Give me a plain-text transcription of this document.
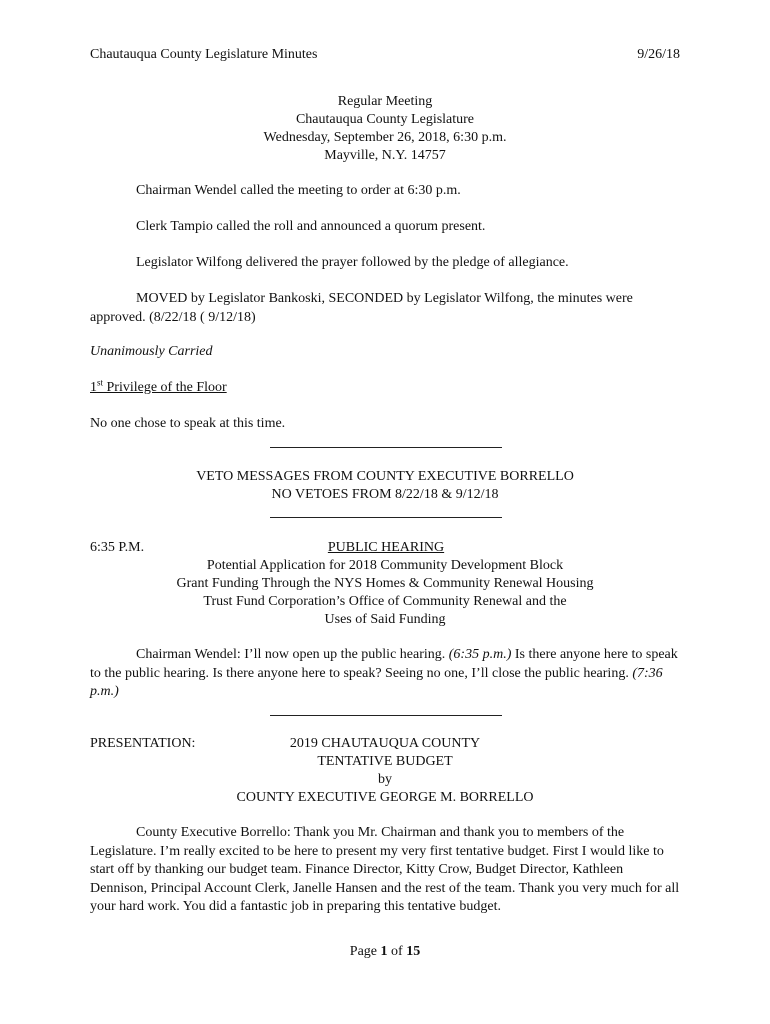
Chautauqua County Legislature Minutes	9/26/18
Regular Meeting
Chautauqua County Legislature
Wednesday, September 26, 2018, 6:30 p.m.
Mayville, N.Y. 14757
Chairman Wendel called the meeting to order at 6:30 p.m.
Clerk Tampio called the roll and announced a quorum present.
Legislator Wilfong delivered the prayer followed by the pledge of allegiance.
MOVED by Legislator Bankoski, SECONDED by Legislator Wilfong, the minutes were approved. (8/22/18 ( 9/12/18)
Unanimously Carried
1st Privilege of the Floor
No one chose to speak at this time.
VETO MESSAGES FROM COUNTY EXECUTIVE BORRELLO
NO VETOES FROM 8/22/18 & 9/12/18
6:35 P.M.	PUBLIC HEARING
Potential Application for 2018 Community Development Block
Grant Funding Through the NYS Homes & Community Renewal Housing
Trust Fund Corporation’s Office of Community Renewal and the
Uses of Said Funding
Chairman Wendel: I’ll now open up the public hearing. (6:35 p.m.) Is there anyone here to speak to the public hearing. Is there anyone here to speak? Seeing no one, I’ll close the public hearing. (7:36 p.m.)
PRESENTATION:	2019 CHAUTAUQUA COUNTY
TENTATIVE BUDGET
by
COUNTY EXECUTIVE GEORGE M. BORRELLO
County Executive Borrello: Thank you Mr. Chairman and thank you to members of the Legislature. I’m really excited to be here to present my very first tentative budget. First I would like to start off by thanking our budget team. Finance Director, Kitty Crow, Budget Director, Kathleen Dennison, Principal Account Clerk, Janelle Hansen and the rest of the team. Thank you very much for all your hard work. You did a fantastic job in preparing this tentative budget.
Page 1 of 15
